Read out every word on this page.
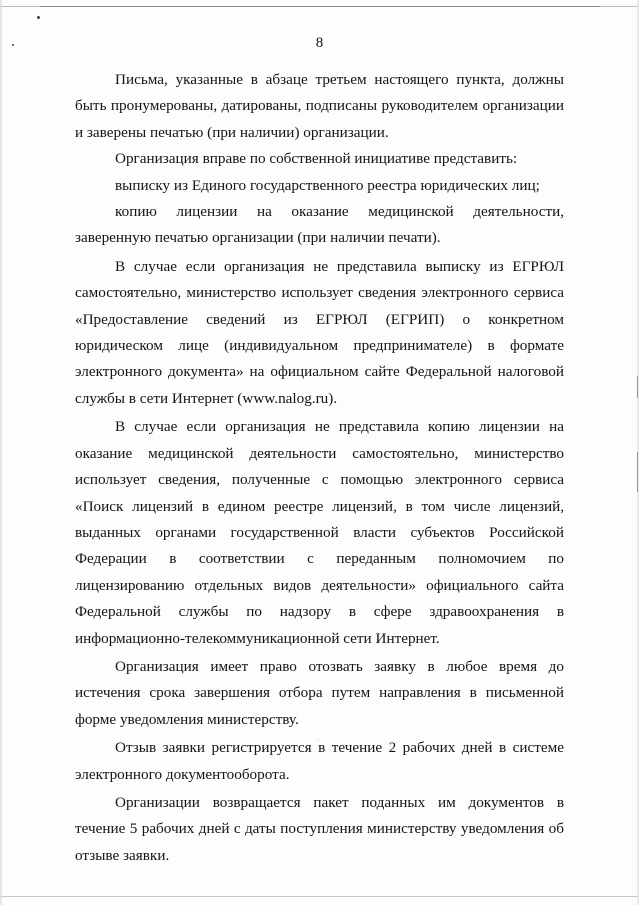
8

Письма, указанные в абзаце третьем настоящего пункта, должны быть пронумерованы, датированы, подписаны руководителем организации и заверены печатью (при наличии) организации.

Организация вправе по собственной инициативе представить:

выписку из Единого государственного реестра юридических лиц;

копию лицензии на оказание медицинской деятельности, заверенную печатью организации (при наличии печати).

В случае если организация не представила выписку из ЕГРЮЛ самостоятельно, министерство использует сведения электронного сервиса «Предоставление сведений из ЕГРЮЛ (ЕГРИП) о конкретном юридическом лице (индивидуальном предпринимателе) в формате электронного документа» на официальном сайте Федеральной налоговой службы в сети Интернет (www.nalog.ru).

В случае если организация не представила копию лицензии на оказание медицинской деятельности самостоятельно, министерство использует сведения, полученные с помощью электронного сервиса «Поиск лицензий в едином реестре лицензий, в том числе лицензий, выданных органами государственной власти субъектов Российской Федерации в соответствии с переданным полномочием по лицензированию отдельных видов деятельности» официального сайта Федеральной службы по надзору в сфере здравоохранения в информационно-телекоммуникационной сети Интернет.

Организация имеет право отозвать заявку в любое время до истечения срока завершения отбора путем направления в письменной форме уведомления министерству.

Отзыв заявки регистрируется в течение 2 рабочих дней в системе электронного документооборота.

Организации возвращается пакет поданных им документов в течение 5 рабочих дней с даты поступления министерству уведомления об отзыве заявки.
